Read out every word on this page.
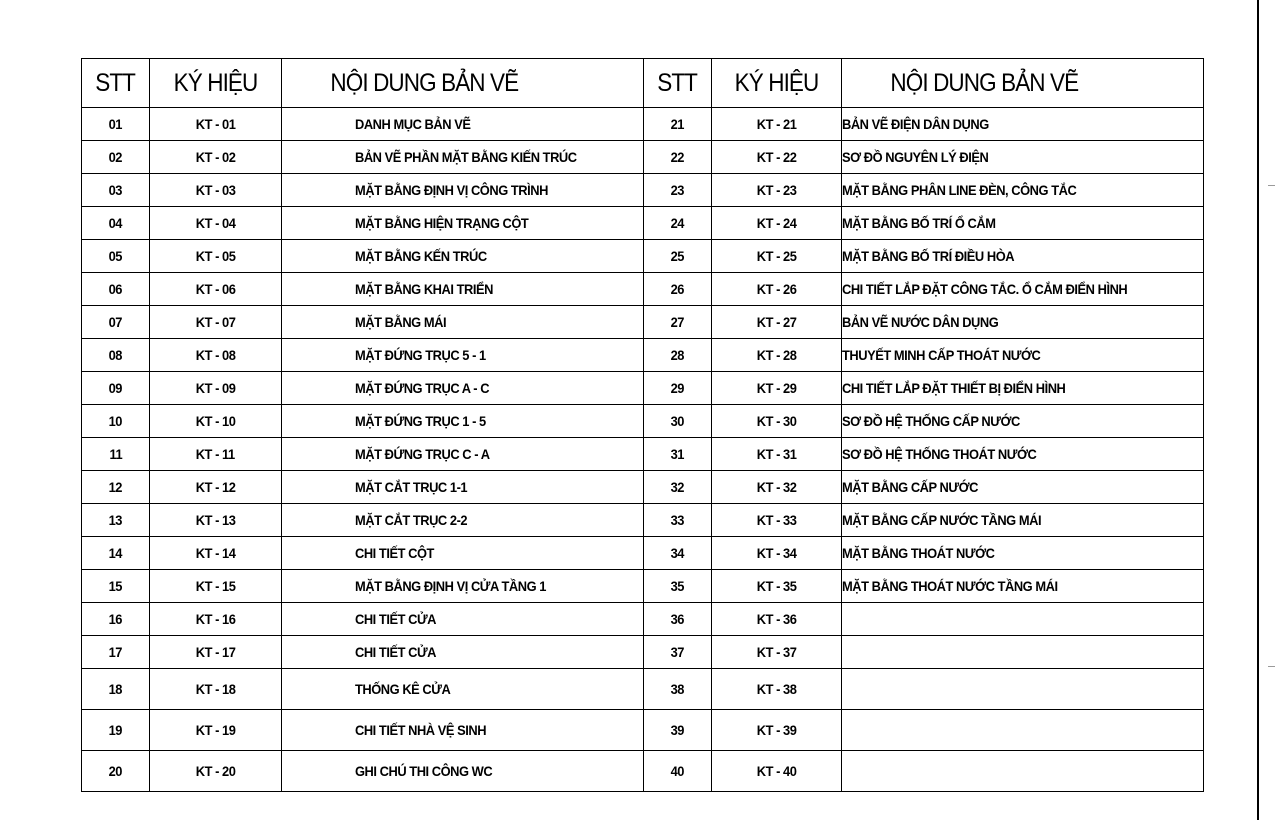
STT	KÝ HIỆU	NỘI DUNG BẢN VẼ	STT	KÝ HIỆU	NỘI DUNG BẢN VẼ
01	KT - 01	DANH MỤC BẢN VẼ	21	KT - 21	BẢN VẼ ĐIỆN DÂN DỤNG
02	KT - 02	BẢN VẼ PHẦN MẶT BẰNG KIẾN TRÚC	22	KT - 22	SƠ ĐỒ NGUYÊN LÝ ĐIỆN
03	KT - 03	MẶT BẰNG ĐỊNH VỊ CÔNG TRÌNH	23	KT - 23	MẶT BẰNG PHÂN LINE ĐÈN, CÔNG TẮC
04	KT - 04	MẶT BẰNG HIỆN TRẠNG CỘT	24	KT - 24	MẶT BẰNG BỐ TRÍ Ổ CẮM
05	KT - 05	MẶT BẰNG KẾN TRÚC	25	KT - 25	MẶT BẰNG BỐ TRÍ ĐIỀU HÒA
06	KT - 06	MẶT BẰNG KHAI TRIỂN	26	KT - 26	CHI TIẾT LẮP ĐẶT CÔNG TẮC. Ổ CẮM ĐIỂN HÌNH
07	KT - 07	MẶT BẰNG MÁI	27	KT - 27	BẢN VẼ NƯỚC DÂN DỤNG
08	KT - 08	MẶT ĐỨNG TRỤC 5 - 1	28	KT - 28	THUYẾT MINH CẤP THOÁT NƯỚC
09	KT - 09	MẶT ĐỨNG TRỤC A - C	29	KT - 29	CHI TIẾT LẮP ĐẶT THIẾT BỊ ĐIỂN HÌNH
10	KT - 10	MẶT ĐỨNG TRỤC 1 - 5	30	KT - 30	SƠ ĐỒ HỆ THỐNG CẤP NƯỚC
11	KT - 11	MẶT ĐỨNG TRỤC C - A	31	KT - 31	SƠ ĐỒ HỆ THỐNG THOÁT NƯỚC
12	KT - 12	MẶT CẮT TRỤC 1-1	32	KT - 32	MẶT BẰNG CẤP NƯỚC
13	KT - 13	MẶT CẮT TRỤC 2-2	33	KT - 33	MẶT BẰNG CẤP NƯỚC TẦNG MÁI
14	KT - 14	CHI TIẾT CỘT	34	KT - 34	MẶT BẰNG THOÁT NƯỚC
15	KT - 15	MẶT BẰNG ĐỊNH VỊ CỬA TẦNG 1	35	KT - 35	MẶT BẰNG THOÁT NƯỚC TẦNG MÁI
16	KT - 16	CHI TIẾT CỬA	36	KT - 36	
17	KT - 17	CHI TIẾT CỬA	37	KT - 37	
18	KT - 18	THỐNG KÊ CỬA	38	KT - 38	
19	KT - 19	CHI TIẾT NHÀ VỆ SINH	39	KT - 39	
20	KT - 20	GHI CHÚ THI CÔNG WC	40	KT - 40	
